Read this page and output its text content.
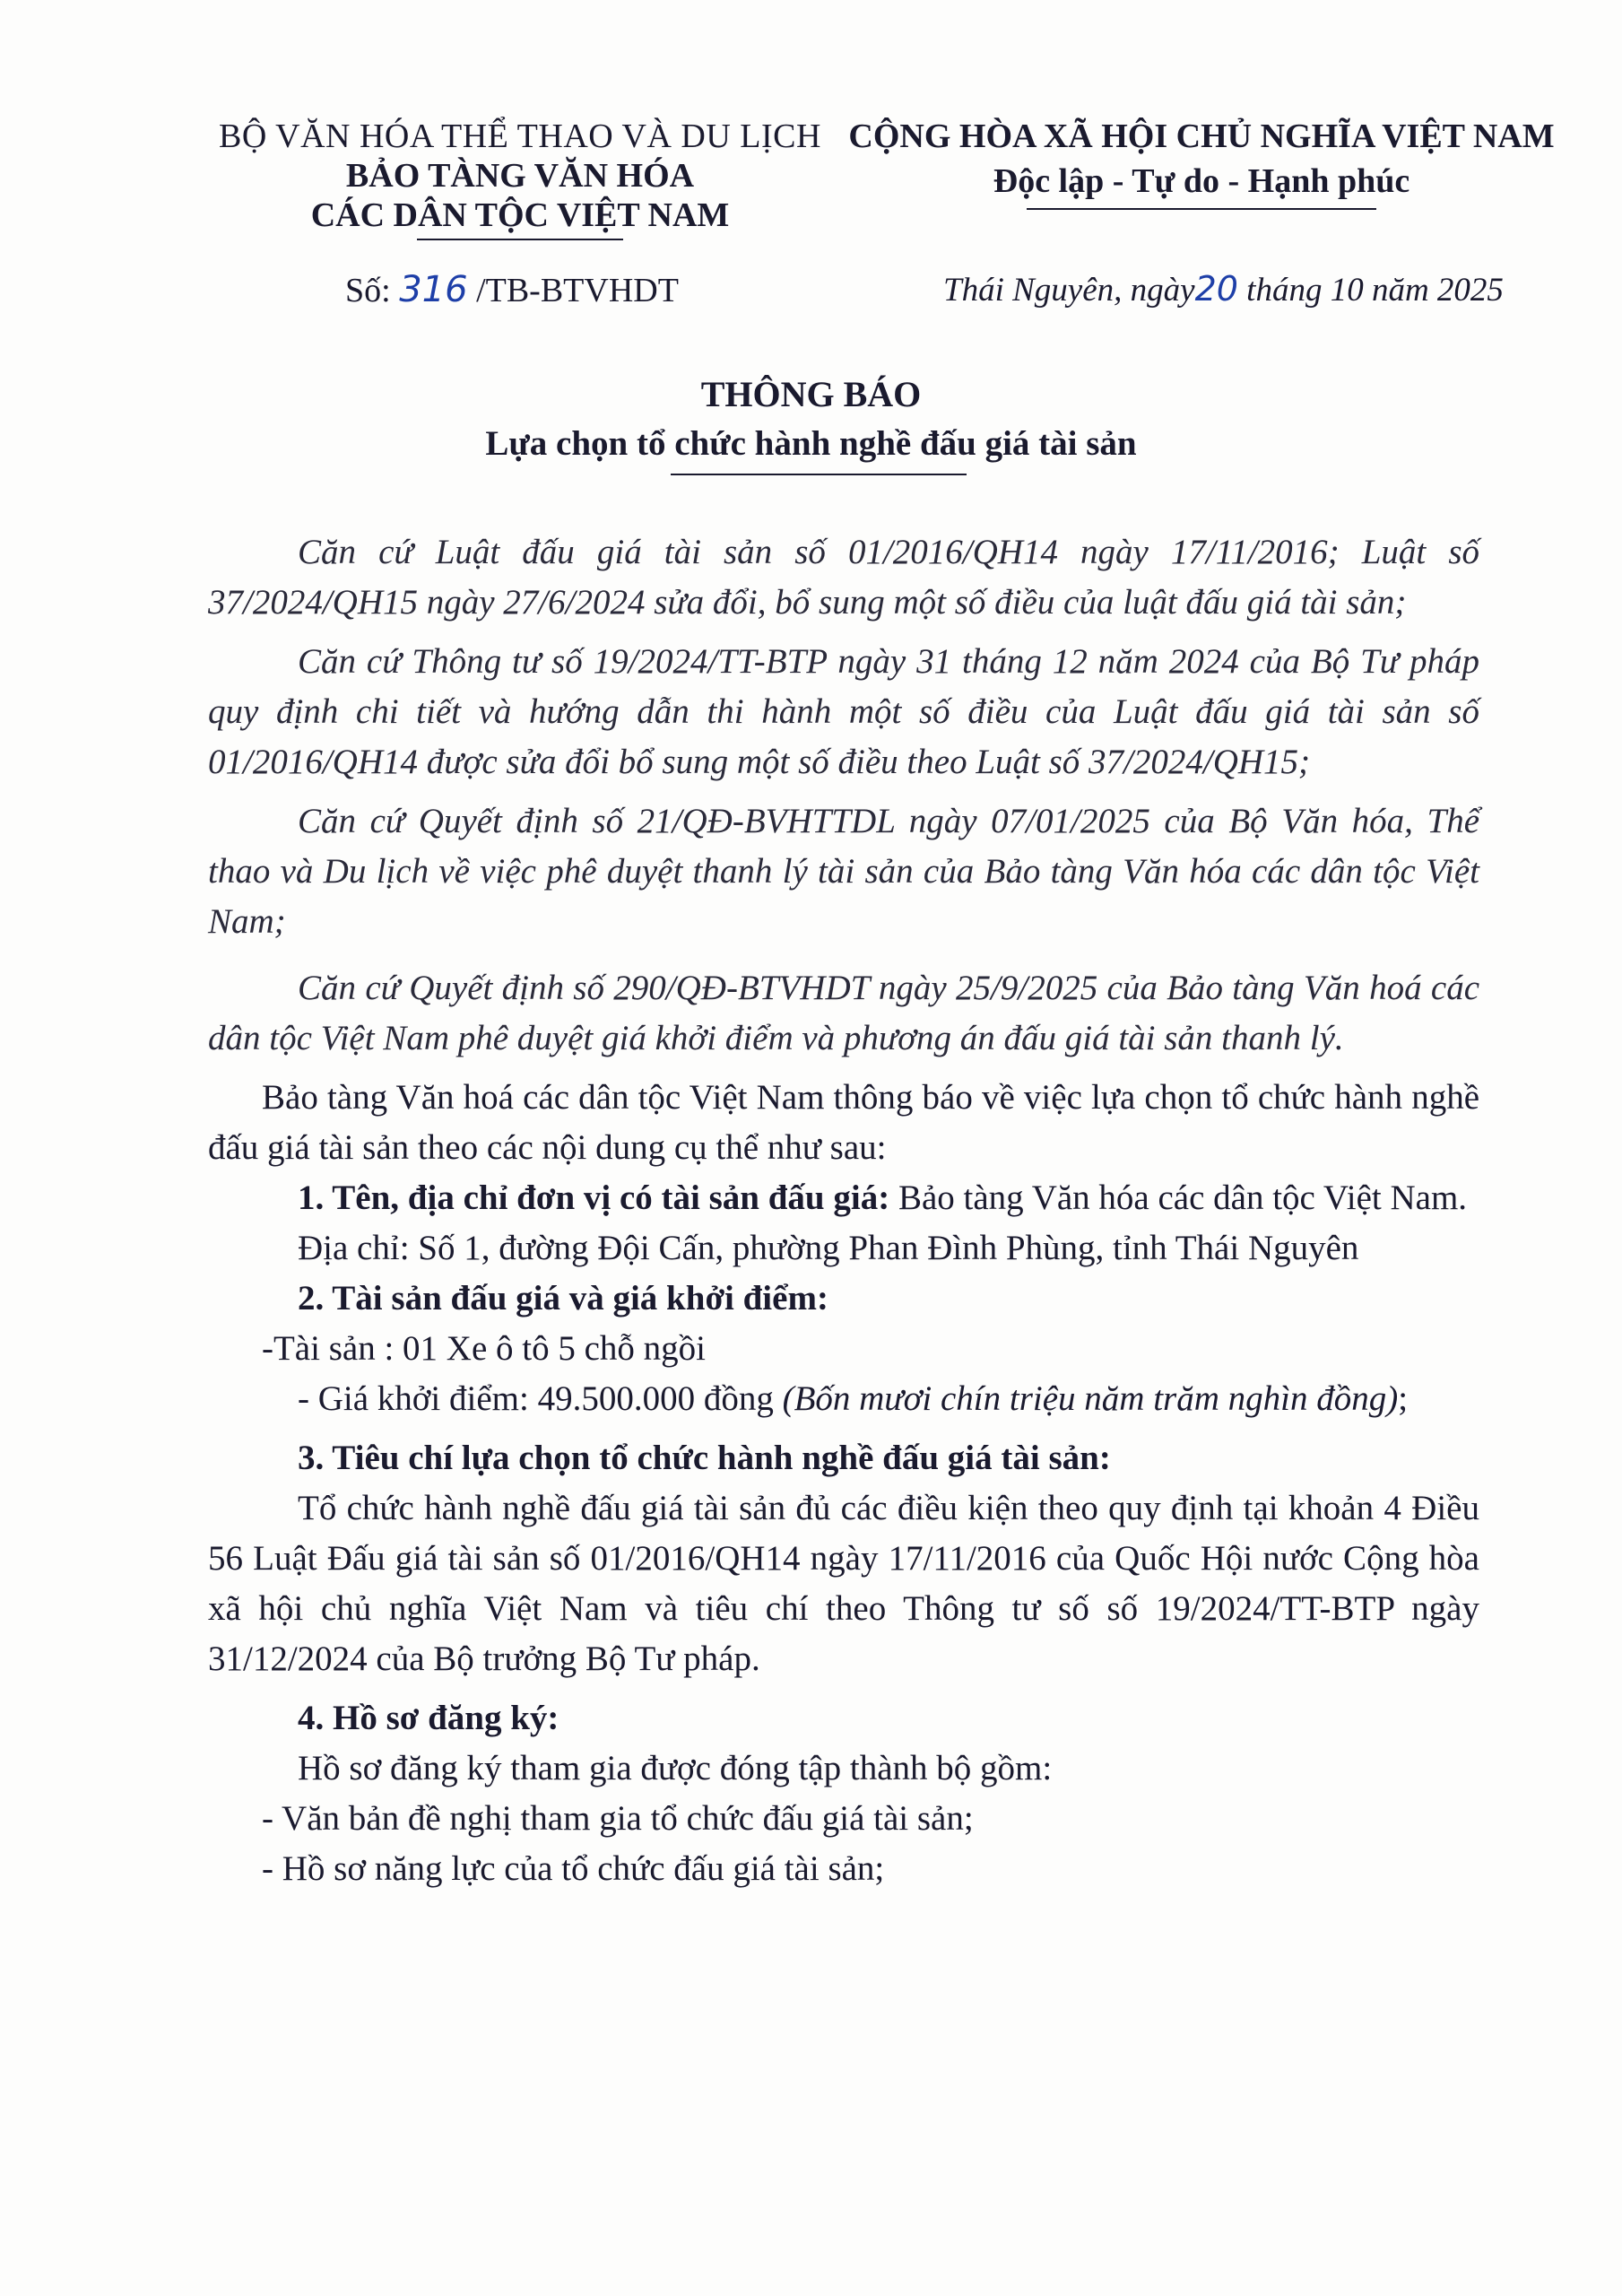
BỘ VĂN HÓA THỂ THAO VÀ DU LỊCH
BẢO TÀNG VĂN HÓA
CÁC DÂN TỘC VIỆT NAM
CỘNG HÒA XÃ HỘI CHỦ NGHĨA VIỆT NAM
Độc lập - Tự do - Hạnh phúc
Số: 316 /TB-BTVHDT	Thái Nguyên, ngày20 tháng 10 năm 2025
THÔNG BÁO
Lựa chọn tổ chức hành nghề đấu giá tài sản

Căn cứ Luật đấu giá tài sản số 01/2016/QH14 ngày 17/11/2016; Luật số 37/2024/QH15 ngày 27/6/2024 sửa đổi, bổ sung một số điều của luật đấu giá tài sản;

Căn cứ Thông tư số 19/2024/TT-BTP ngày 31 tháng 12 năm 2024 của Bộ Tư pháp quy định chi tiết và hướng dẫn thi hành một số điều của Luật đấu giá tài sản số 01/2016/QH14 được sửa đổi bổ sung một số điều theo Luật số 37/2024/QH15;

Căn cứ Quyết định số 21/QĐ-BVHTTDL ngày 07/01/2025 của Bộ Văn hóa, Thể thao và Du lịch về việc phê duyệt thanh lý tài sản của Bảo tàng Văn hóa các dân tộc Việt Nam;

Căn cứ Quyết định số 290/QĐ-BTVHDT ngày 25/9/2025 của Bảo tàng Văn hoá các dân tộc Việt Nam phê duyệt giá khởi điểm và phương án đấu giá tài sản thanh lý.

Bảo tàng Văn hoá các dân tộc Việt Nam thông báo về việc lựa chọn tổ chức hành nghề đấu giá tài sản theo các nội dung cụ thể như sau:

1. Tên, địa chỉ đơn vị có tài sản đấu giá: Bảo tàng Văn hóa các dân tộc Việt Nam.

Địa chỉ: Số 1, đường Đội Cấn, phường Phan Đình Phùng, tỉnh Thái Nguyên

2. Tài sản đấu giá và giá khởi điểm:

-Tài sản : 01 Xe ô tô 5 chỗ ngồi

- Giá khởi điểm: 49.500.000 đồng (Bốn mươi chín triệu năm trăm nghìn đồng);

3. Tiêu chí lựa chọn tổ chức hành nghề đấu giá tài sản:

Tổ chức hành nghề đấu giá tài sản đủ các điều kiện theo quy định tại khoản 4 Điều 56 Luật Đấu giá tài sản số 01/2016/QH14 ngày 17/11/2016 của Quốc Hội nước Cộng hòa xã hội chủ nghĩa Việt Nam và tiêu chí theo Thông tư số số 19/2024/TT-BTP ngày 31/12/2024 của Bộ trưởng Bộ Tư pháp.

4. Hồ sơ đăng ký:

Hồ sơ đăng ký tham gia được đóng tập thành bộ gồm:

- Văn bản đề nghị tham gia tổ chức đấu giá tài sản;

- Hồ sơ năng lực của tổ chức đấu giá tài sản;
